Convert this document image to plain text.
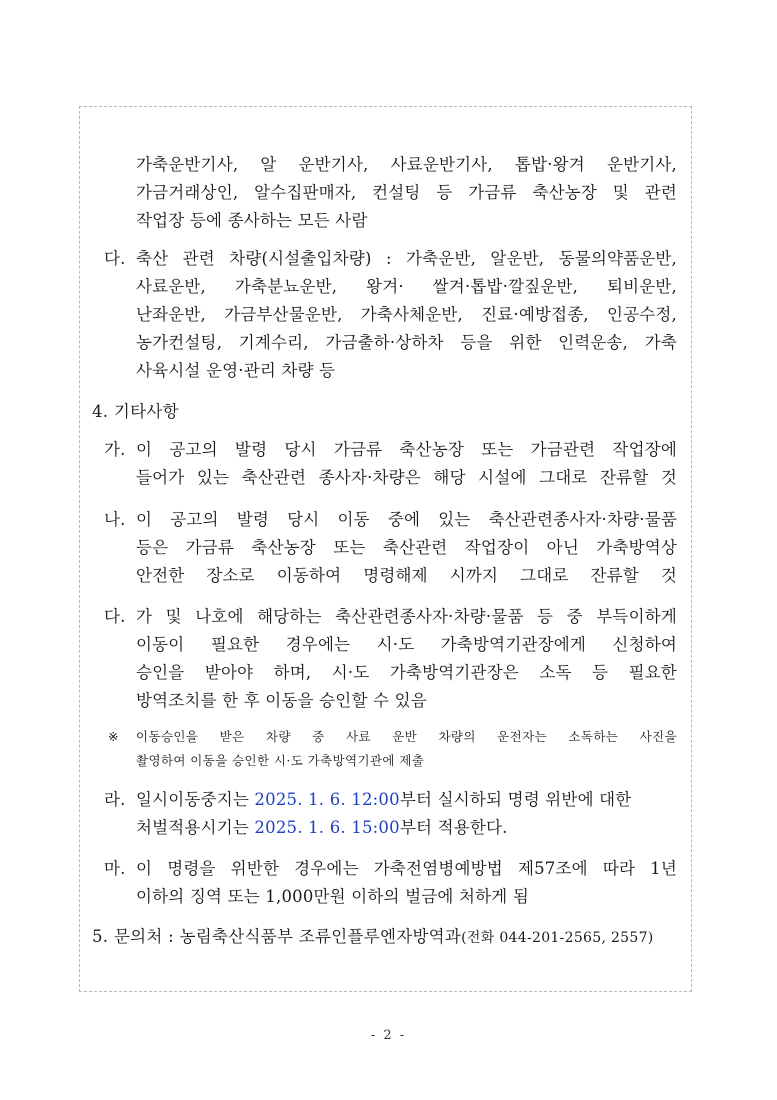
가축운반기사, 알 운반기사, 사료운반기사, 톱밥·왕겨 운반기사,
가금거래상인, 알수집판매자, 컨설팅 등 가금류 축산농장 및 관련
작업장 등에 종사하는 모든 사람
다. 축산 관련 차량(시설출입차량) : 가축운반, 알운반, 동물의약품운반,
사료운반, 가축분뇨운반, 왕겨· 쌀겨·톱밥·깔짚운반, 퇴비운반,
난좌운반, 가금부산물운반, 가축사체운반, 진료·예방접종, 인공수정,
농가컨설팅, 기계수리, 가금출하·상하차 등을 위한 인력운송, 가축
사육시설 운영·관리 차량 등
4. 기타사항
가. 이 공고의 발령 당시 가금류 축산농장 또는 가금관련 작업장에
들어가 있는 축산관련 종사자·차량은 해당 시설에 그대로 잔류할 것
나. 이 공고의 발령 당시 이동 중에 있는 축산관련종사자·차량·물품
등은 가금류 축산농장 또는 축산관련 작업장이 아닌 가축방역상
안전한 장소로 이동하여 명령해제 시까지 그대로 잔류할 것
다. 가 및 나호에 해당하는 축산관련종사자·차량·물품 등 중 부득이하게
이동이 필요한 경우에는 시·도 가축방역기관장에게 신청하여
승인을 받아야 하며, 시·도 가축방역기관장은 소독 등 필요한
방역조치를 한 후 이동을 승인할 수 있음
※ 이동승인을 받은 차량 중 사료 운반 차량의 운전자는 소독하는 사진을
촬영하여 이동을 승인한 시·도 가축방역기관에 제출
라. 일시이동중지는 2025. 1. 6. 12:00부터 실시하되 명령 위반에 대한
처벌적용시기는 2025. 1. 6. 15:00부터 적용한다.
마. 이 명령을 위반한 경우에는 가축전염병예방법 제57조에 따라 1년
이하의 징역 또는 1,000만원 이하의 벌금에 처하게 됨
5. 문의처 : 농림축산식품부 조류인플루엔자방역과(전화 044-201-2565, 2557)
- 2 -
